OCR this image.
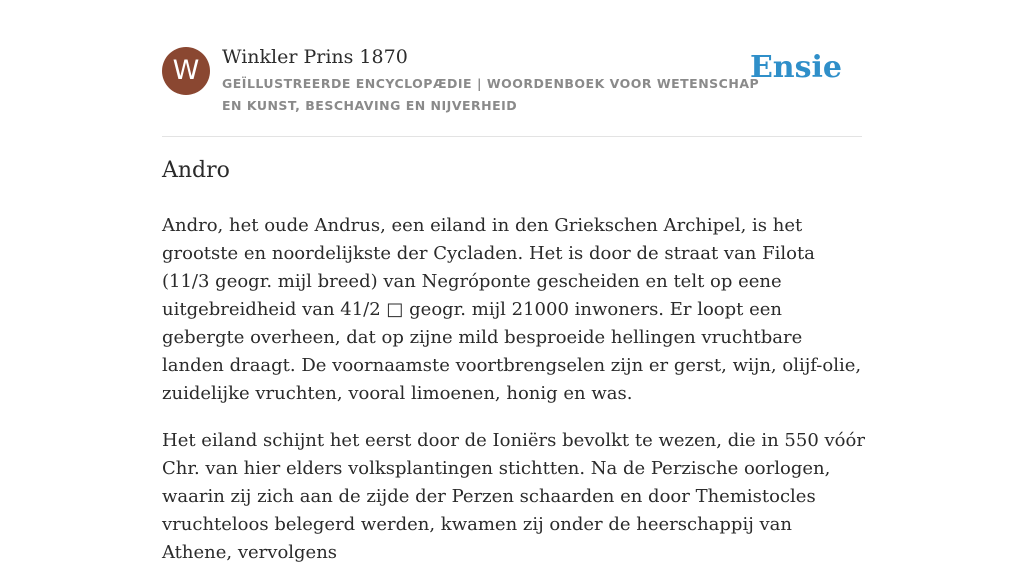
W	Winkler Prins 1870
GEÏLLUSTREERDE ENCYCLOPÆDIE | WOORDENBOEK VOOR WETENSCHAP EN KUNST, BESCHAVING EN NIJVERHEID
Ensie
Andro

Andro, het oude Andrus, een eiland in den Griekschen Archipel, is het grootste en noordelijkste der Cycladen. Het is door de straat van Filota (11/3 geogr. mijl breed) van Negróponte gescheiden en telt op eene uitgebreidheid van 41/2 □ geogr. mijl 21000 inwoners. Er loopt een gebergte overheen, dat op zijne mild besproeide hellingen vruchtbare landen draagt. De voornaamste voortbrengselen zijn er gerst, wijn, olijf-olie, zuidelijke vruchten, vooral limoenen, honig en was.

Het eiland schijnt het eerst door de Ioniërs bevolkt te wezen, die in 550 vóór Chr. van hier elders volksplantingen stichtten. Na de Perzische oorlogen, waarin zij zich aan de zijde der Perzen schaarden en door Themistocles vruchteloos belegerd werden, kwamen zij onder de heerschappij van Athene, vervolgens
